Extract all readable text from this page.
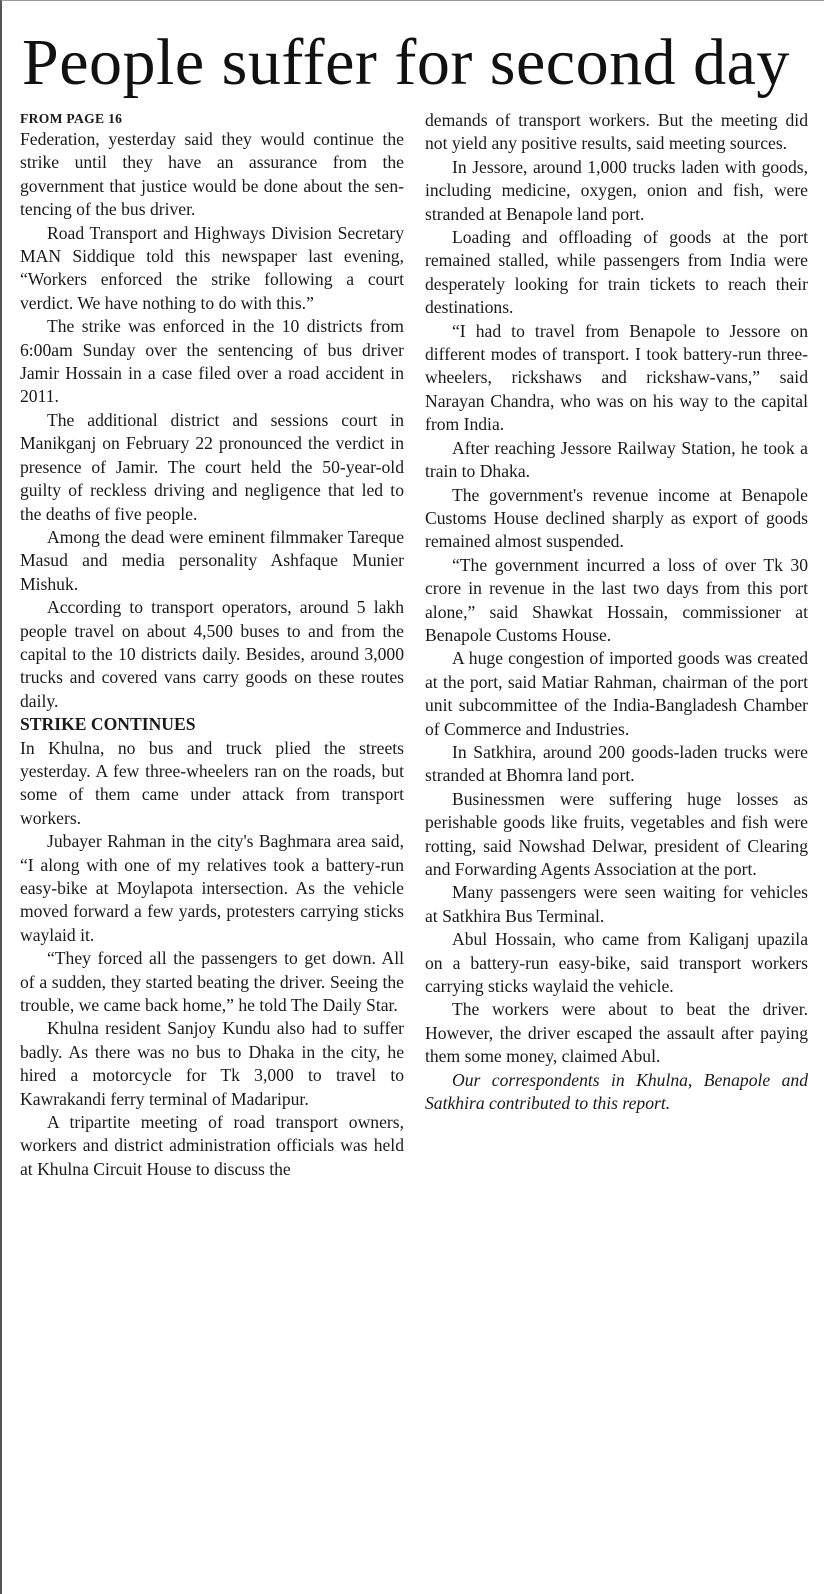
People suffer for second day

FROM PAGE 16

Federation, yesterday said they would continue the strike until they have an assurance from the government that justice would be done about the sentencing of the bus driver.

Road Transport and Highways Division Secretary MAN Siddique told this newspaper last evening, “Workers enforced the strike following a court verdict. We have nothing to do with this.”

The strike was enforced in the 10 districts from 6:00am Sunday over the sentencing of bus driver Jamir Hossain in a case filed over a road accident in 2011.

The additional district and sessions court in Manikganj on February 22 pronounced the verdict in presence of Jamir. The court held the 50-year-old guilty of reckless driving and negligence that led to the deaths of five people.

Among the dead were eminent filmmaker Tareque Masud and media personality Ashfaque Munier Mishuk.

According to transport operators, around 5 lakh people travel on about 4,500 buses to and from the capital to the 10 districts daily. Besides, around 3,000 trucks and covered vans carry goods on these routes daily.

STRIKE CONTINUES

In Khulna, no bus and truck plied the streets yesterday. A few three-wheelers ran on the roads, but some of them came under attack from transport workers.

Jubayer Rahman in the city's Baghmara area said, “I along with one of my relatives took a battery-run easy-bike at Moylapota intersection. As the vehicle moved forward a few yards, protesters carrying sticks waylaid it.

“They forced all the passengers to get down. All of a sudden, they started beating the driver. Seeing the trouble, we came back home,” he told The Daily Star.

Khulna resident Sanjoy Kundu also had to suffer badly. As there was no bus to Dhaka in the city, he hired a motorcycle for Tk 3,000 to travel to Kawrakandi ferry terminal of Madaripur.

A tripartite meeting of road transport owners, workers and district administration officials was held at Khulna Circuit House to discuss the

demands of transport workers. But the meeting did not yield any positive results, said meeting sources.

In Jessore, around 1,000 trucks laden with goods, including medicine, oxygen, onion and fish, were stranded at Benapole land port.

Loading and offloading of goods at the port remained stalled, while passengers from India were desperately looking for train tickets to reach their destinations.

“I had to travel from Benapole to Jessore on different modes of transport. I took battery-run three-wheelers, rickshaws and rickshaw-vans,” said Narayan Chandra, who was on his way to the capital from India.

After reaching Jessore Railway Station, he took a train to Dhaka.

The government's revenue income at Benapole Customs House declined sharply as export of goods remained almost suspended.

“The government incurred a loss of over Tk 30 crore in revenue in the last two days from this port alone,” said Shawkat Hossain, commissioner at Benapole Customs House.

A huge congestion of imported goods was created at the port, said Matiar Rahman, chairman of the port unit subcommittee of the India-Bangladesh Chamber of Commerce and Industries.

In Satkhira, around 200 goods-laden trucks were stranded at Bhomra land port.

Businessmen were suffering huge losses as perishable goods like fruits, vegetables and fish were rotting, said Nowshad Delwar, president of Clearing and Forwarding Agents Association at the port.

Many passengers were seen waiting for vehicles at Satkhira Bus Terminal.

Abul Hossain, who came from Kaliganj upazila on a battery-run easy-bike, said transport workers carrying sticks waylaid the vehicle.

The workers were about to beat the driver. However, the driver escaped the assault after paying them some money, claimed Abul.

Our correspondents in Khulna, Benapole and Satkhira contributed to this report.
